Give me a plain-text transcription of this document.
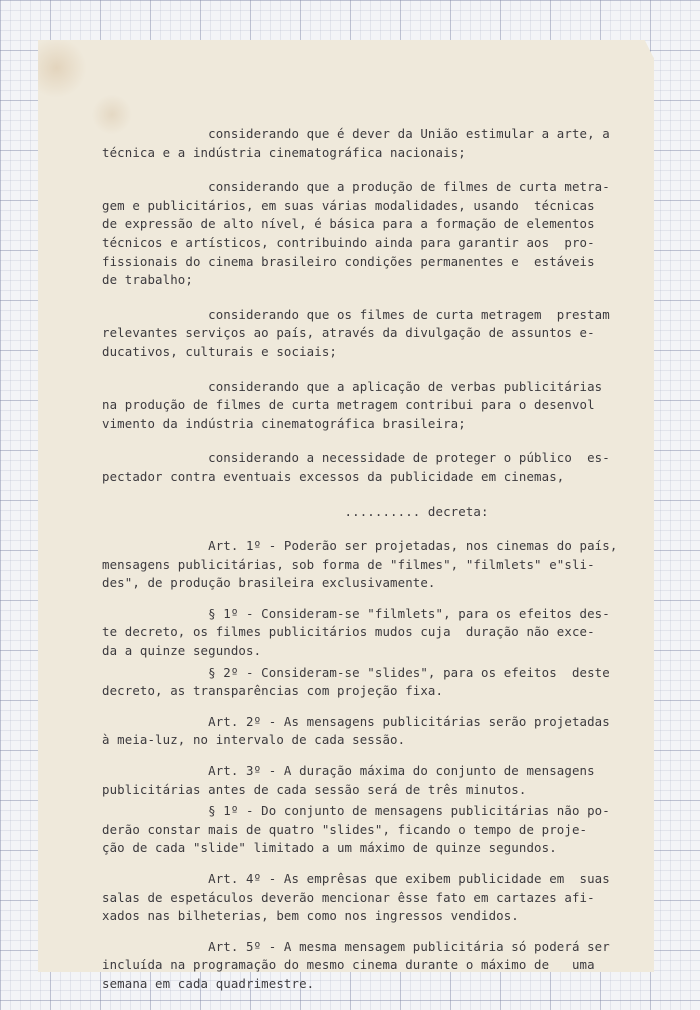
considerando que é dever da União estimular a arte, a
técnica e a indústria cinematográfica nacionais;
considerando que a produção de filmes de curta metra-
gem e publicitários, em suas várias modalidades, usando  técnicas
de expressão de alto nível, é básica para a formação de elementos
técnicos e artísticos, contribuindo ainda para garantir aos  pro-
fissionais do cinema brasileiro condições permanentes e  estáveis
de trabalho;
considerando que os filmes de curta metragem  prestam
relevantes serviços ao país, através da divulgação de assuntos e-
ducativos, culturais e sociais;
considerando que a aplicação de verbas publicitárias
na produção de filmes de curta metragem contribui para o desenvol
vimento da indústria cinematográfica brasileira;
considerando a necessidade de proteger o público  es-
pectador contra eventuais excessos da publicidade em cinemas,
.......... decreta:
Art. 1º - Poderão ser projetadas, nos cinemas do país,
mensagens publicitárias, sob forma de "filmes", "filmlets" e"sli-
des", de produção brasileira exclusivamente.
§ 1º - Consideram-se "filmlets", para os efeitos des-
te decreto, os filmes publicitários mudos cuja  duração não exce-
da a quinze segundos.
§ 2º - Consideram-se "slides", para os efeitos  deste
decreto, as transparências com projeção fixa.
Art. 2º - As mensagens publicitárias serão projetadas
à meia-luz, no intervalo de cada sessão.
Art. 3º - A duração máxima do conjunto de mensagens
publicitárias antes de cada sessão será de três minutos.
§ 1º - Do conjunto de mensagens publicitárias não po-
derão constar mais de quatro "slides", ficando o tempo de proje-
ção de cada "slide" limitado a um máximo de quinze segundos.
Art. 4º - As emprêsas que exibem publicidade em  suas
salas de espetáculos deverão mencionar êsse fato em cartazes afi-
xados nas bilheterias, bem como nos ingressos vendidos.
Art. 5º - A mesma mensagem publicitária só poderá ser
incluída na programação do mesmo cinema durante o máximo de   uma
semana em cada quadrimestre.
